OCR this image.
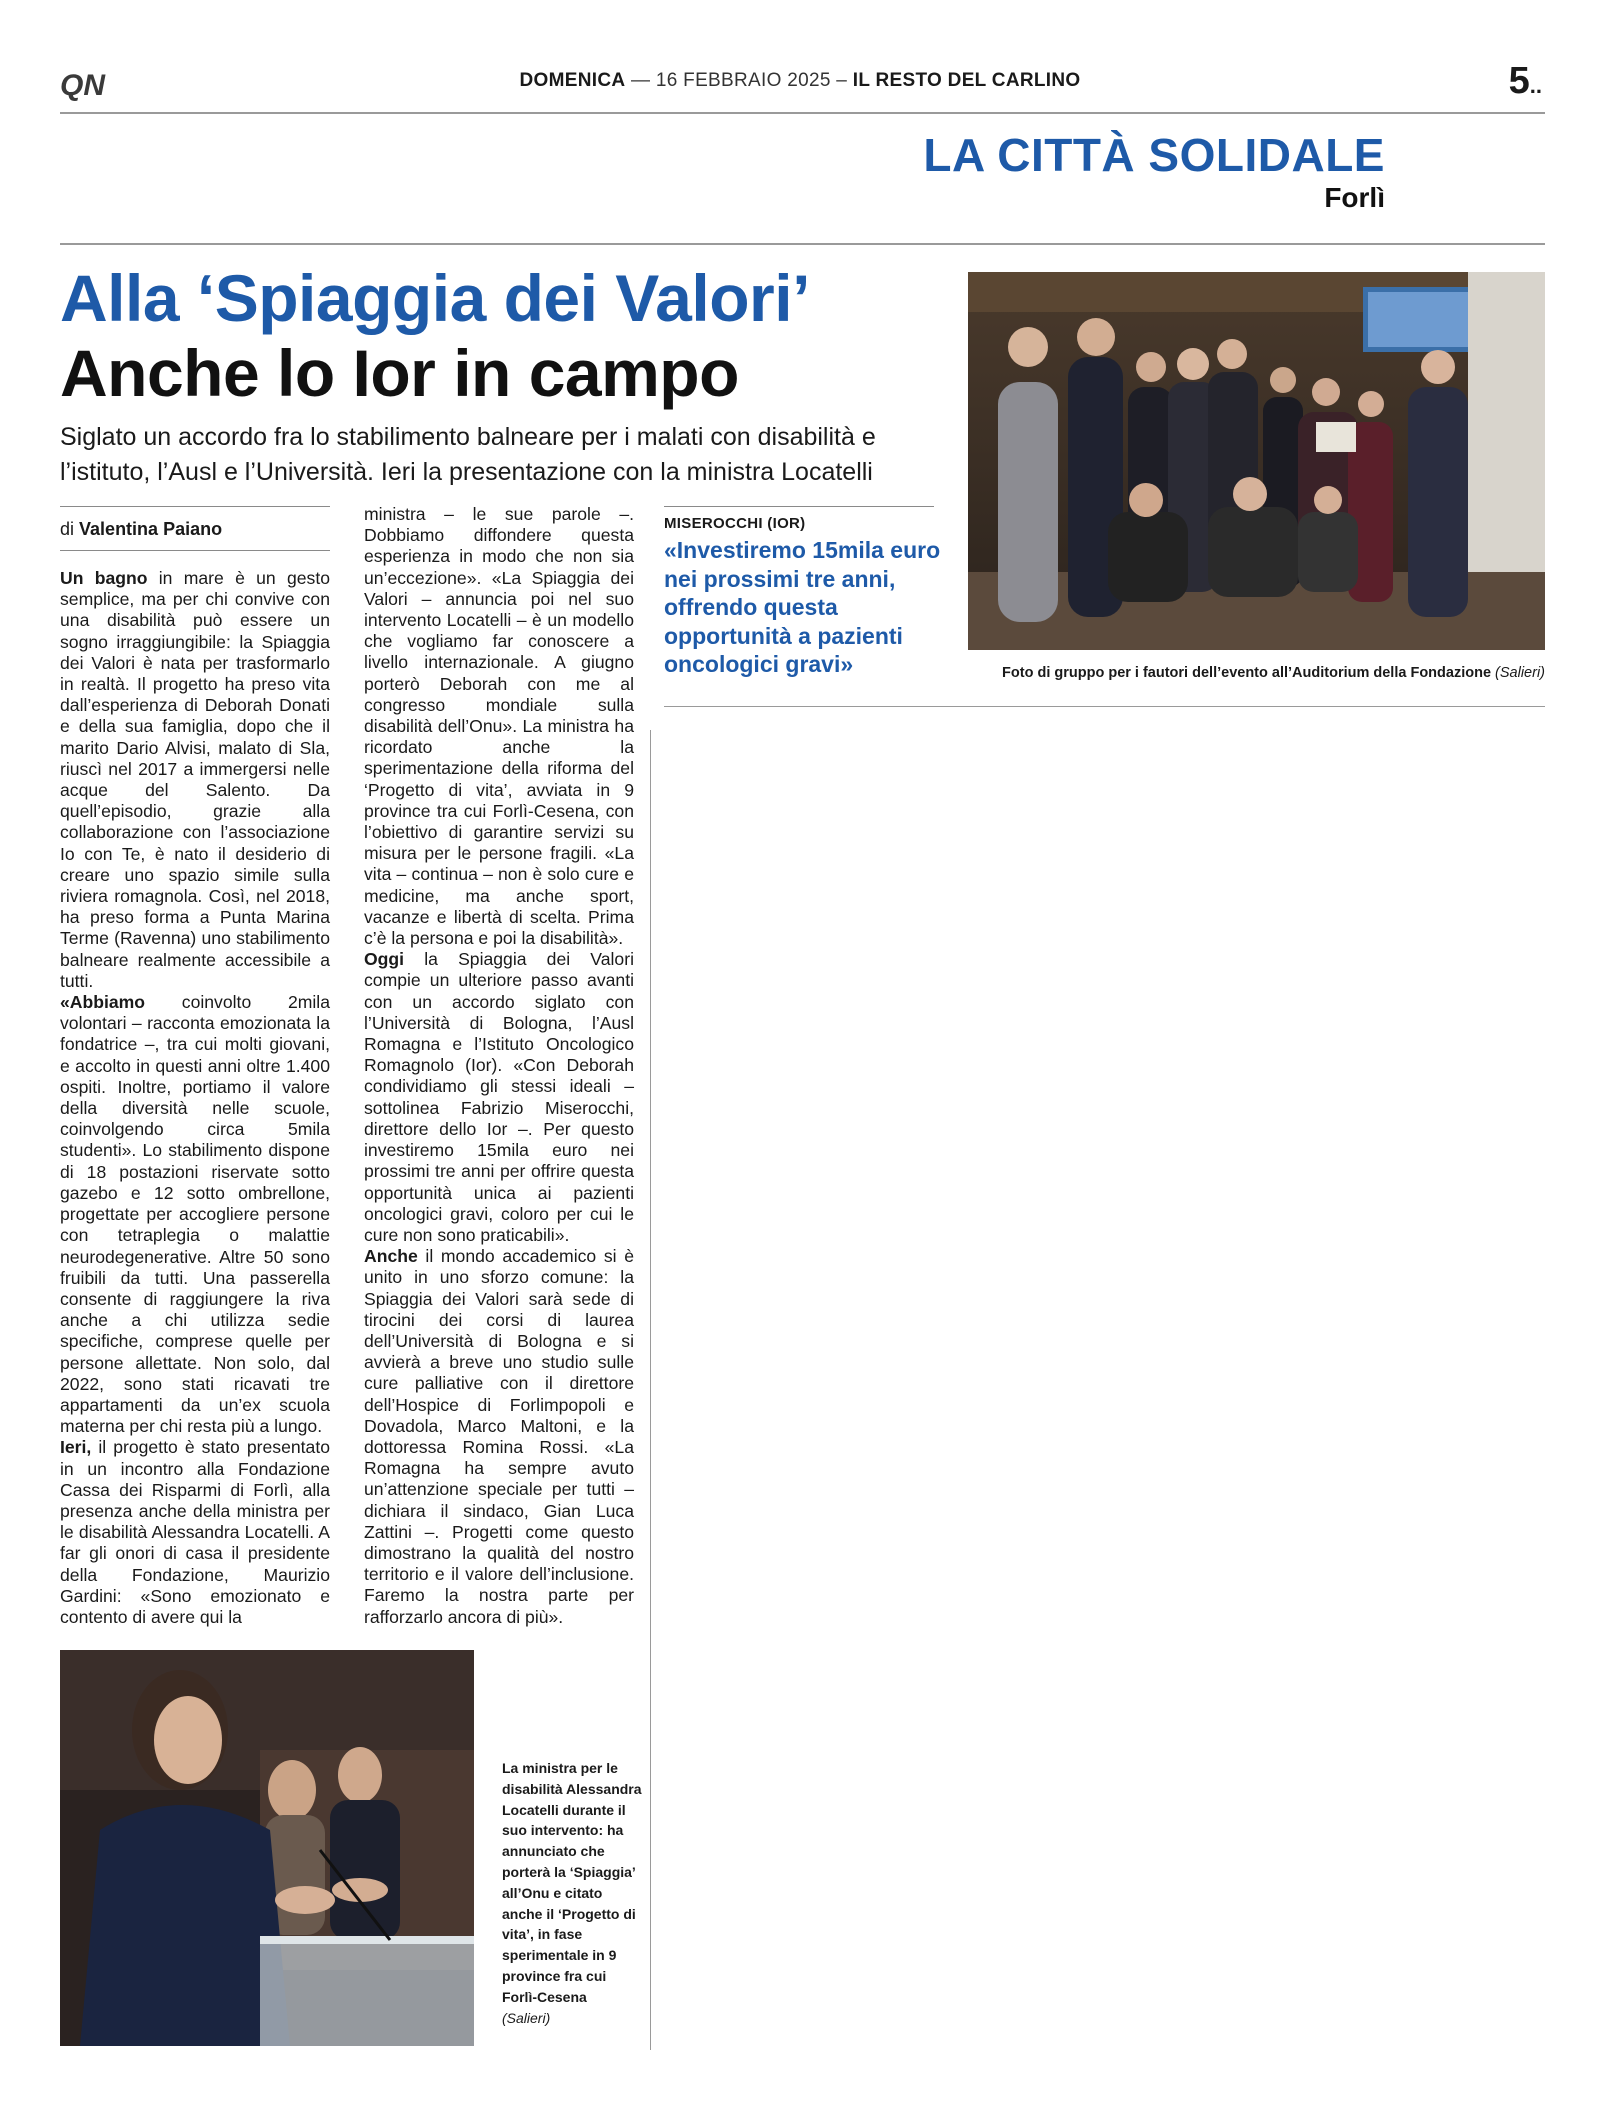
QN	DOMENICA — 16 FEBBRAIO 2025 – IL RESTO DEL CARLINO	5..
LA CITTÀ SOLIDALE
Forlì
Alla ‘Spiaggia dei Valori’
Anche lo Ior in campo
Siglato un accordo fra lo stabilimento balneare per i malati con disabilità e l’istituto, l’Ausl e l’Università. Ieri la presentazione con la ministra Locatelli
di Valentina Paiano

Un bagno in mare è un gesto semplice, ma per chi convive con una disabilità può essere un sogno irraggiungibile: la Spiaggia dei Valori è nata per trasformarlo in realtà. Il progetto ha preso vita dall’esperienza di Deborah Donati e della sua famiglia, dopo che il marito Dario Alvisi, malato di Sla, riuscì nel 2017 a immergersi nelle acque del Salento. Da quell’episodio, grazie alla collaborazione con l’associazione Io con Te, è nato il desiderio di creare uno spazio simile sulla riviera romagnola. Così, nel 2018, ha preso forma a Punta Marina Terme (Ravenna) uno stabilimento balneare realmente accessibile a tutti.

«Abbiamo coinvolto 2mila volontari – racconta emozionata la fondatrice –, tra cui molti giovani, e accolto in questi anni oltre 1.400 ospiti. Inoltre, portiamo il valore della diversità nelle scuole, coinvolgendo circa 5mila studenti». Lo stabilimento dispone di 18 postazioni riservate sotto gazebo e 12 sotto ombrellone, progettate per accogliere persone con tetraplegia o malattie neurodegenerative. Altre 50 sono fruibili da tutti. Una passerella consente di raggiungere la riva anche a chi utilizza sedie specifiche, comprese quelle per persone allettate. Non solo, dal 2022, sono stati ricavati tre appartamenti da un’ex scuola materna per chi resta più a lungo.

Ieri, il progetto è stato presentato in un incontro alla Fondazione Cassa dei Risparmi di Forlì, alla presenza anche della ministra per le disabilità Alessandra Locatelli. A far gli onori di casa il presidente della Fondazione, Maurizio Gardini: «Sono emozionato e contento di avere qui la

ministra – le sue parole –. Dobbiamo diffondere questa esperienza in modo che non sia un’eccezione». «La Spiaggia dei Valori – annuncia poi nel suo intervento Locatelli – è un modello che vogliamo far conoscere a livello internazionale. A giugno porterò Deborah con me al congresso mondiale sulla disabilità dell’Onu». La ministra ha ricordato anche la sperimentazione della riforma del ‘Progetto di vita’, avviata in 9 province tra cui Forlì-Cesena, con l’obiettivo di garantire servizi su misura per le persone fragili. «La vita – continua – non è solo cure e medicine, ma anche sport, vacanze e libertà di scelta. Prima c’è la persona e poi la disabilità».

Oggi la Spiaggia dei Valori compie un ulteriore passo avanti con un accordo siglato con l’Università di Bologna, l’Ausl Romagna e l’Istituto Oncologico Romagnolo (Ior). «Con Deborah condividiamo gli stessi ideali – sottolinea Fabrizio Miserocchi, direttore dello Ior –. Per questo investiremo 15mila euro nei prossimi tre anni per offrire questa opportunità unica ai pazienti oncologici gravi, coloro per cui le cure non sono praticabili».

Anche il mondo accademico si è unito in uno sforzo comune: la Spiaggia dei Valori sarà sede di tirocini dei corsi di laurea dell’Università di Bologna e si avvierà a breve uno studio sulle cure palliative con il direttore dell’Hospice di Forlimpopoli e Dovadola, Marco Maltoni, e la dottoressa Romina Rossi. «La Romagna ha sempre avuto un’attenzione speciale per tutti – dichiara il sindaco, Gian Luca Zattini –. Progetti come questo dimostrano la qualità del nostro territorio e il valore dell’inclusione. Faremo la nostra parte per rafforzarlo ancora di più».

MISEROCCHI (IOR)
«Investiremo 15mila euro nei prossimi tre anni, offrendo questa opportunità a pazienti oncologici gravi»	Foto di gruppo per i fautori dell’evento all’Auditorium della Fondazione (Salieri)
La ministra per le disabilità Alessandra Locatelli durante il suo intervento: ha annunciato che porterà la ‘Spiaggia’ all’Onu e citato anche il ‘Progetto di vita’, in fase sperimentale in 9 province fra cui Forlì-Cesena
(Salieri)
